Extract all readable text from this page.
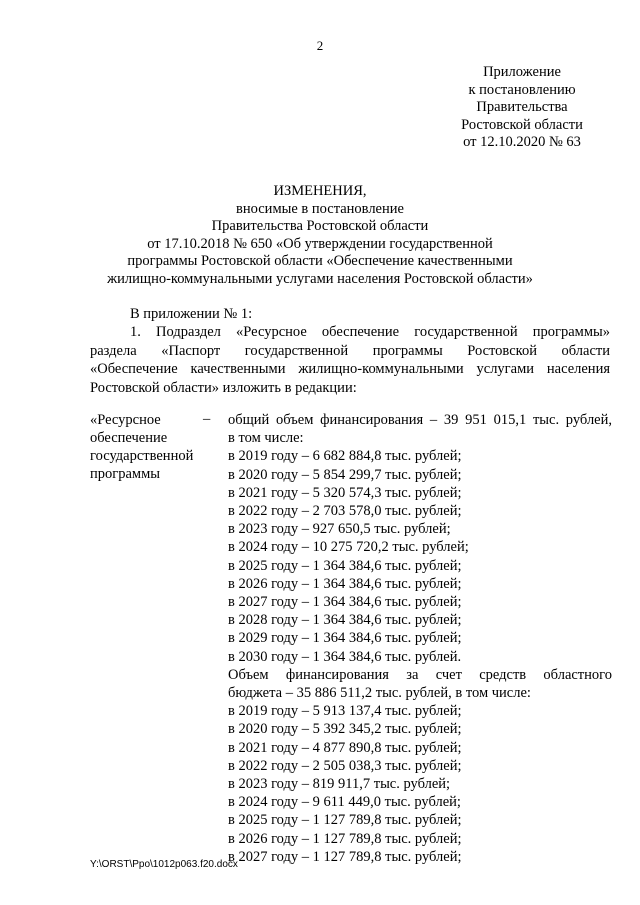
2
Приложение
к постановлению
Правительства
Ростовской области
от 12.10.2020 № 63
ИЗМЕНЕНИЯ,
вносимые в постановление
Правительства Ростовской области
от 17.10.2018 № 650 «Об утверждении государственной
программы Ростовской области «Обеспечение качественными
жилищно-коммунальными услугами населения Ростовской области»
В приложении № 1:
1. Подраздел «Ресурсное обеспечение государственной программы»
раздела «Паспорт государственной программы Ростовской области
«Обеспечение качественными жилищно-коммунальными услугами населения
Ростовской области» изложить в редакции:
«Ресурсное
обеспечение
государственной
программы
– общий объем финансирования – 39 951 015,1 тыс. рублей,
в том числе:
в 2019 году – 6 682 884,8 тыс. рублей;
в 2020 году – 5 854 299,7 тыс. рублей;
в 2021 году – 5 320 574,3 тыс. рублей;
в 2022 году – 2 703 578,0 тыс. рублей;
в 2023 году – 927 650,5 тыс. рублей;
в 2024 году – 10 275 720,2 тыс. рублей;
в 2025 году – 1 364 384,6 тыс. рублей;
в 2026 году – 1 364 384,6 тыс. рублей;
в 2027 году – 1 364 384,6 тыс. рублей;
в 2028 году – 1 364 384,6 тыс. рублей;
в 2029 году – 1 364 384,6 тыс. рублей;
в 2030 году – 1 364 384,6 тыс. рублей.
Объем финансирования за счет средств областного
бюджета – 35 886 511,2 тыс. рублей, в том числе:
в 2019 году – 5 913 137,4 тыс. рублей;
в 2020 году – 5 392 345,2 тыс. рублей;
в 2021 году – 4 877 890,8 тыс. рублей;
в 2022 году – 2 505 038,3 тыс. рублей;
в 2023 году – 819 911,7 тыс. рублей;
в 2024 году – 9 611 449,0 тыс. рублей;
в 2025 году – 1 127 789,8 тыс. рублей;
в 2026 году – 1 127 789,8 тыс. рублей;
в 2027 году – 1 127 789,8 тыс. рублей;
Y:\ORST\Ppo\1012p063.f20.docx
